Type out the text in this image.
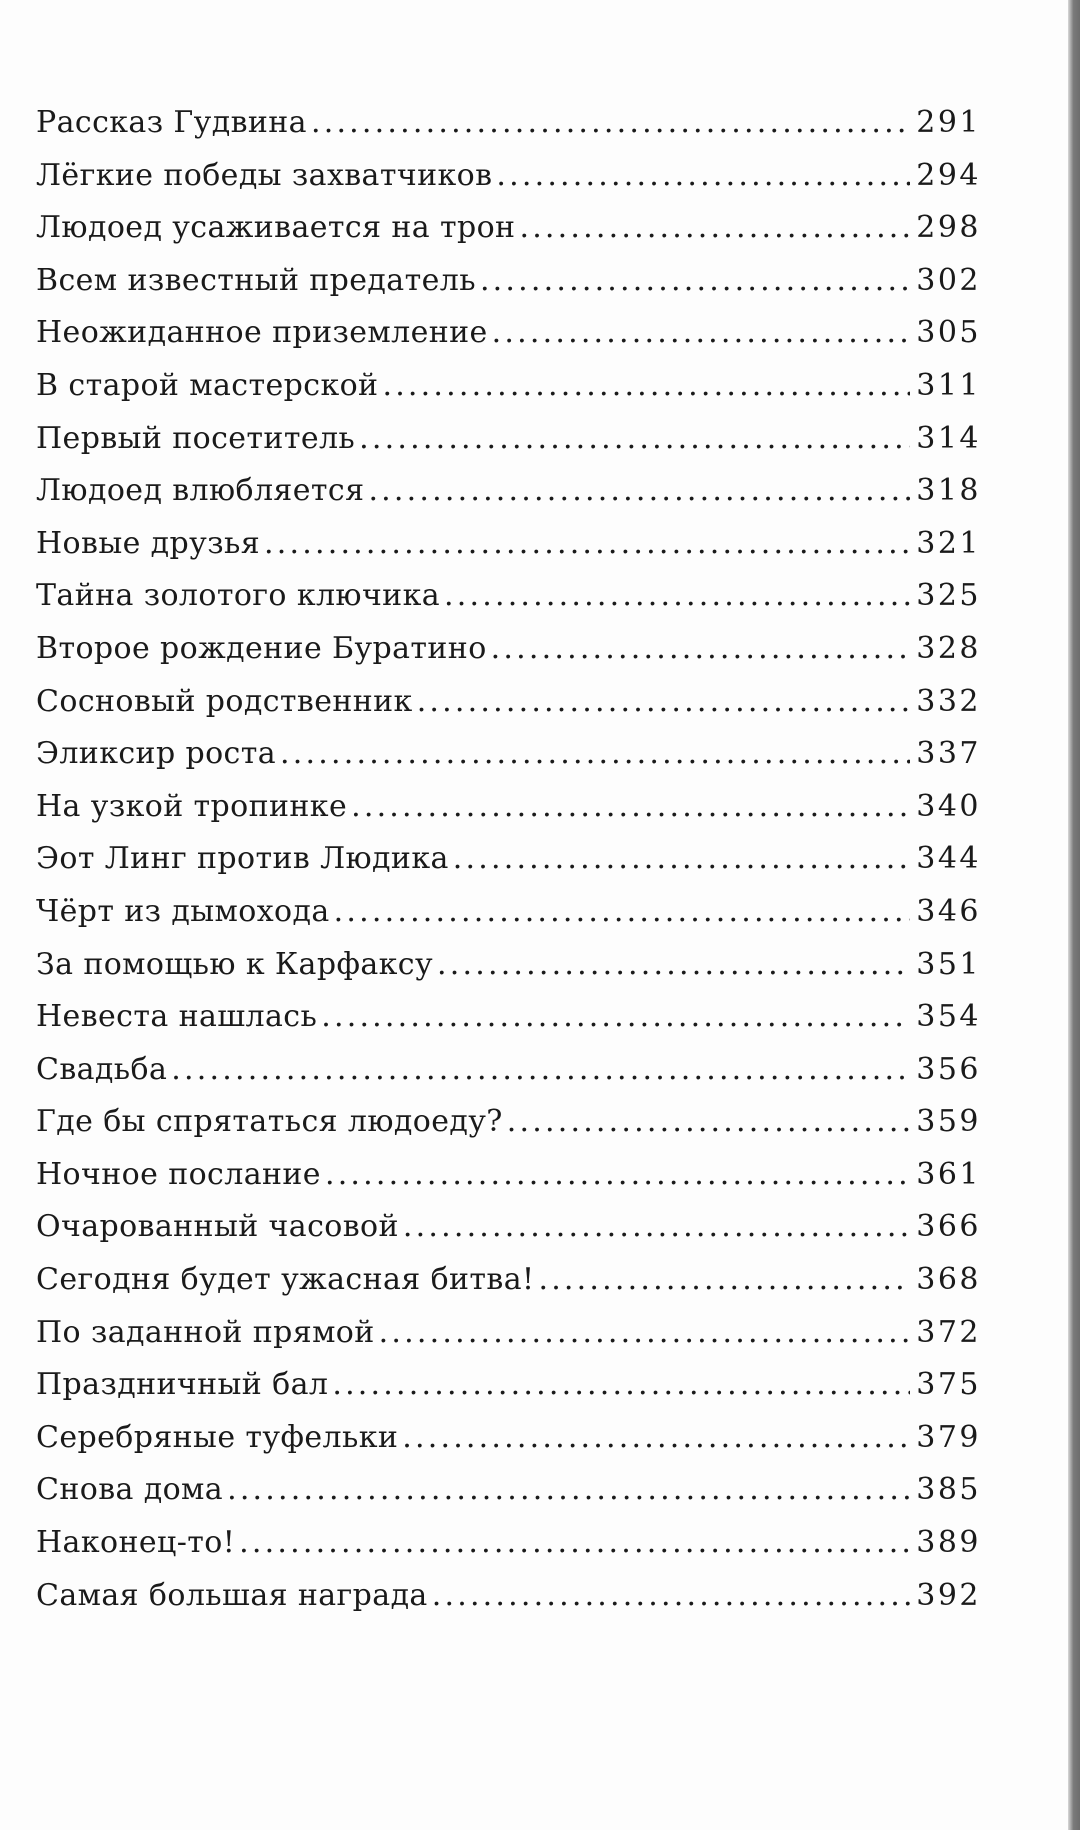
Рассказ Гудвина .....	291
Лёгкие победы захватчиков .....	294
Людоед усаживается на трон .....	298
Всем известный предатель .....	302
Неожиданное приземление .....	305
В старой мастерской .....	311
Первый посетитель .....	314
Людоед влюбляется .....	318
Новые друзья .....	321
Тайна золотого ключика .....	325
Второе рождение Буратино .....	328
Сосновый родственник .....	332
Эликсир роста .....	337
На узкой тропинке .....	340
Эот Линг против Людика .....	344
Чёрт из дымохода .....	346
За помощью к Карфаксу .....	351
Невеста нашлась .....	354
Свадьба .....	356
Где бы спрятаться людоеду? .....	359
Ночное послание .....	361
Очарованный часовой .....	366
Сегодня будет ужасная битва! .....	368
По заданной прямой .....	372
Праздничный бал .....	375
Серебряные туфельки .....	379
Снова дома .....	385
Наконец-то! .....	389
Самая большая награда .....	392
